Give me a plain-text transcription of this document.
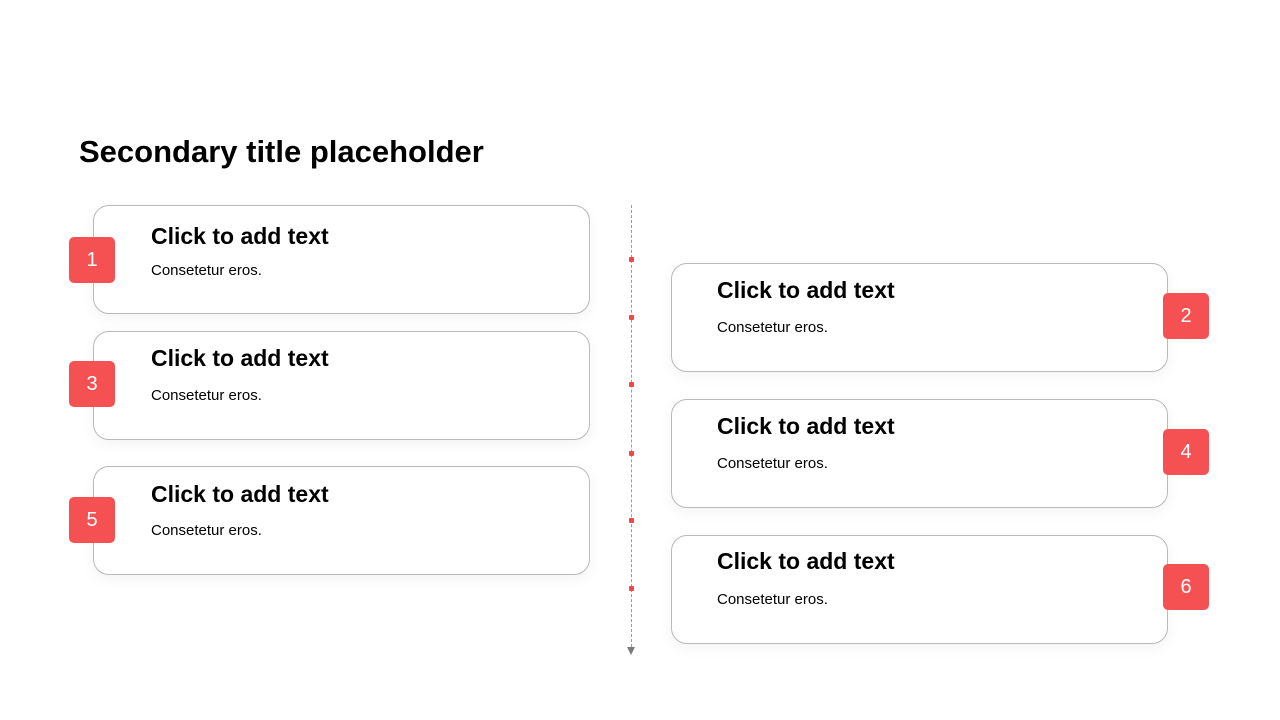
Secondary title placeholder
Click to add text
Consetetur eros.
1
Click to add text
Consetetur eros.
3
Click to add text
Consetetur eros.
5
Click to add text
Consetetur eros.
2
Click to add text
Consetetur eros.
4
Click to add text
Consetetur eros.
6
